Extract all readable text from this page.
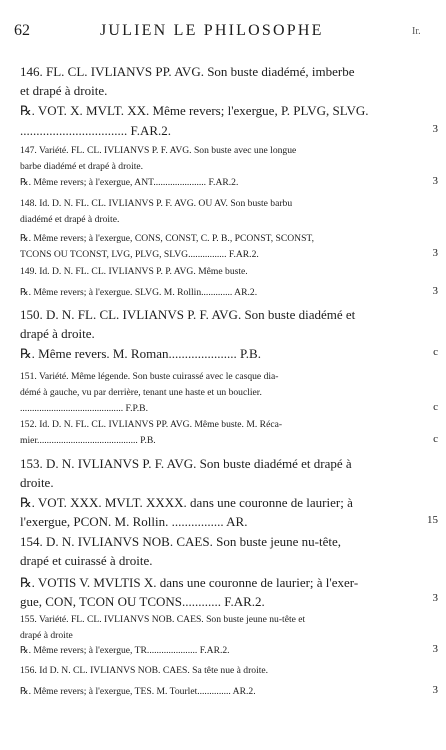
62	JULIEN LE PHILOSOPHE	Ir.

146. FL. CL. IVLIANVS PP. AVG. Son buste diadémé, imberbe

et drapé à droite.

℞. VOT. X. MVLT. XX. Même revers; l'exergue, P. PLVG, SLVG.

................................. F.AR.2.	3

147. Variété. FL. CL. IVLIANVS P. F. AVG. Son buste avec une longue

barbe diadémé et drapé à droite.

℞. Même revers; à l'exergue, ANT...................... F.AR.2.	3

148. Id. D. N. FL. CL. IVLIANVS P. F. AVG. OU AV. Son buste barbu

diadémé et drapé à droite.

℞. Même revers; à l'exergue, CONS, CONST, C. P. B., PCONST, SCONST,

TCONS OU TCONST, LVG, PLVG, SLVG................ F.AR.2.	3

149. Id. D. N. FL. CL. IVLIANVS P. P. AVG. Même buste.

℞. Même revers; à l'exergue. SLVG. M. Rollin............. AR.2.	3

150. D. N. FL. CL. IVLIANVS P. F. AVG. Son buste diadémé et

drapé à droite.

℞. Même revers. M. Roman..................... P.B.	c

151. Variété. Même légende. Son buste cuirassé avec le casque dia-

démé à gauche, vu par derrière, tenant une haste et un bouclier.

........................................... F.P.B.	c

152. Id. D. N. FL. CL. IVLIANVS PP. AVG. Même buste. M. Réca-

mier.......................................... P.B.	c

153. D. N. IVLIANVS P. F. AVG. Son buste diadémé et drapé à

droite.

℞. VOT. XXX. MVLT. XXXX. dans une couronne de laurier; à

l'exergue, PCON. M. Rollin. ................ AR.	15

154. D. N. IVLIANVS NOB. CAES. Son buste jeune nu-tête,

drapé et cuirassé à droite.

℞. VOTIS V. MVLTIS X. dans une couronne de laurier; à l'exer-

gue, CON, TCON OU TCONS............ F.AR.2.	3

155. Variété. FL. CL. IVLIANVS NOB. CAES. Son buste jeune nu-tête et

drapé à droite

℞. Même revers; à l'exergue, TR..................... F.AR.2.	3

156. Id D. N. CL. IVLIANVS NOB. CAES. Sa tête nue à droite.

℞. Même revers; à l'exergue, TES. M. Tourlet.............. AR.2.	3
